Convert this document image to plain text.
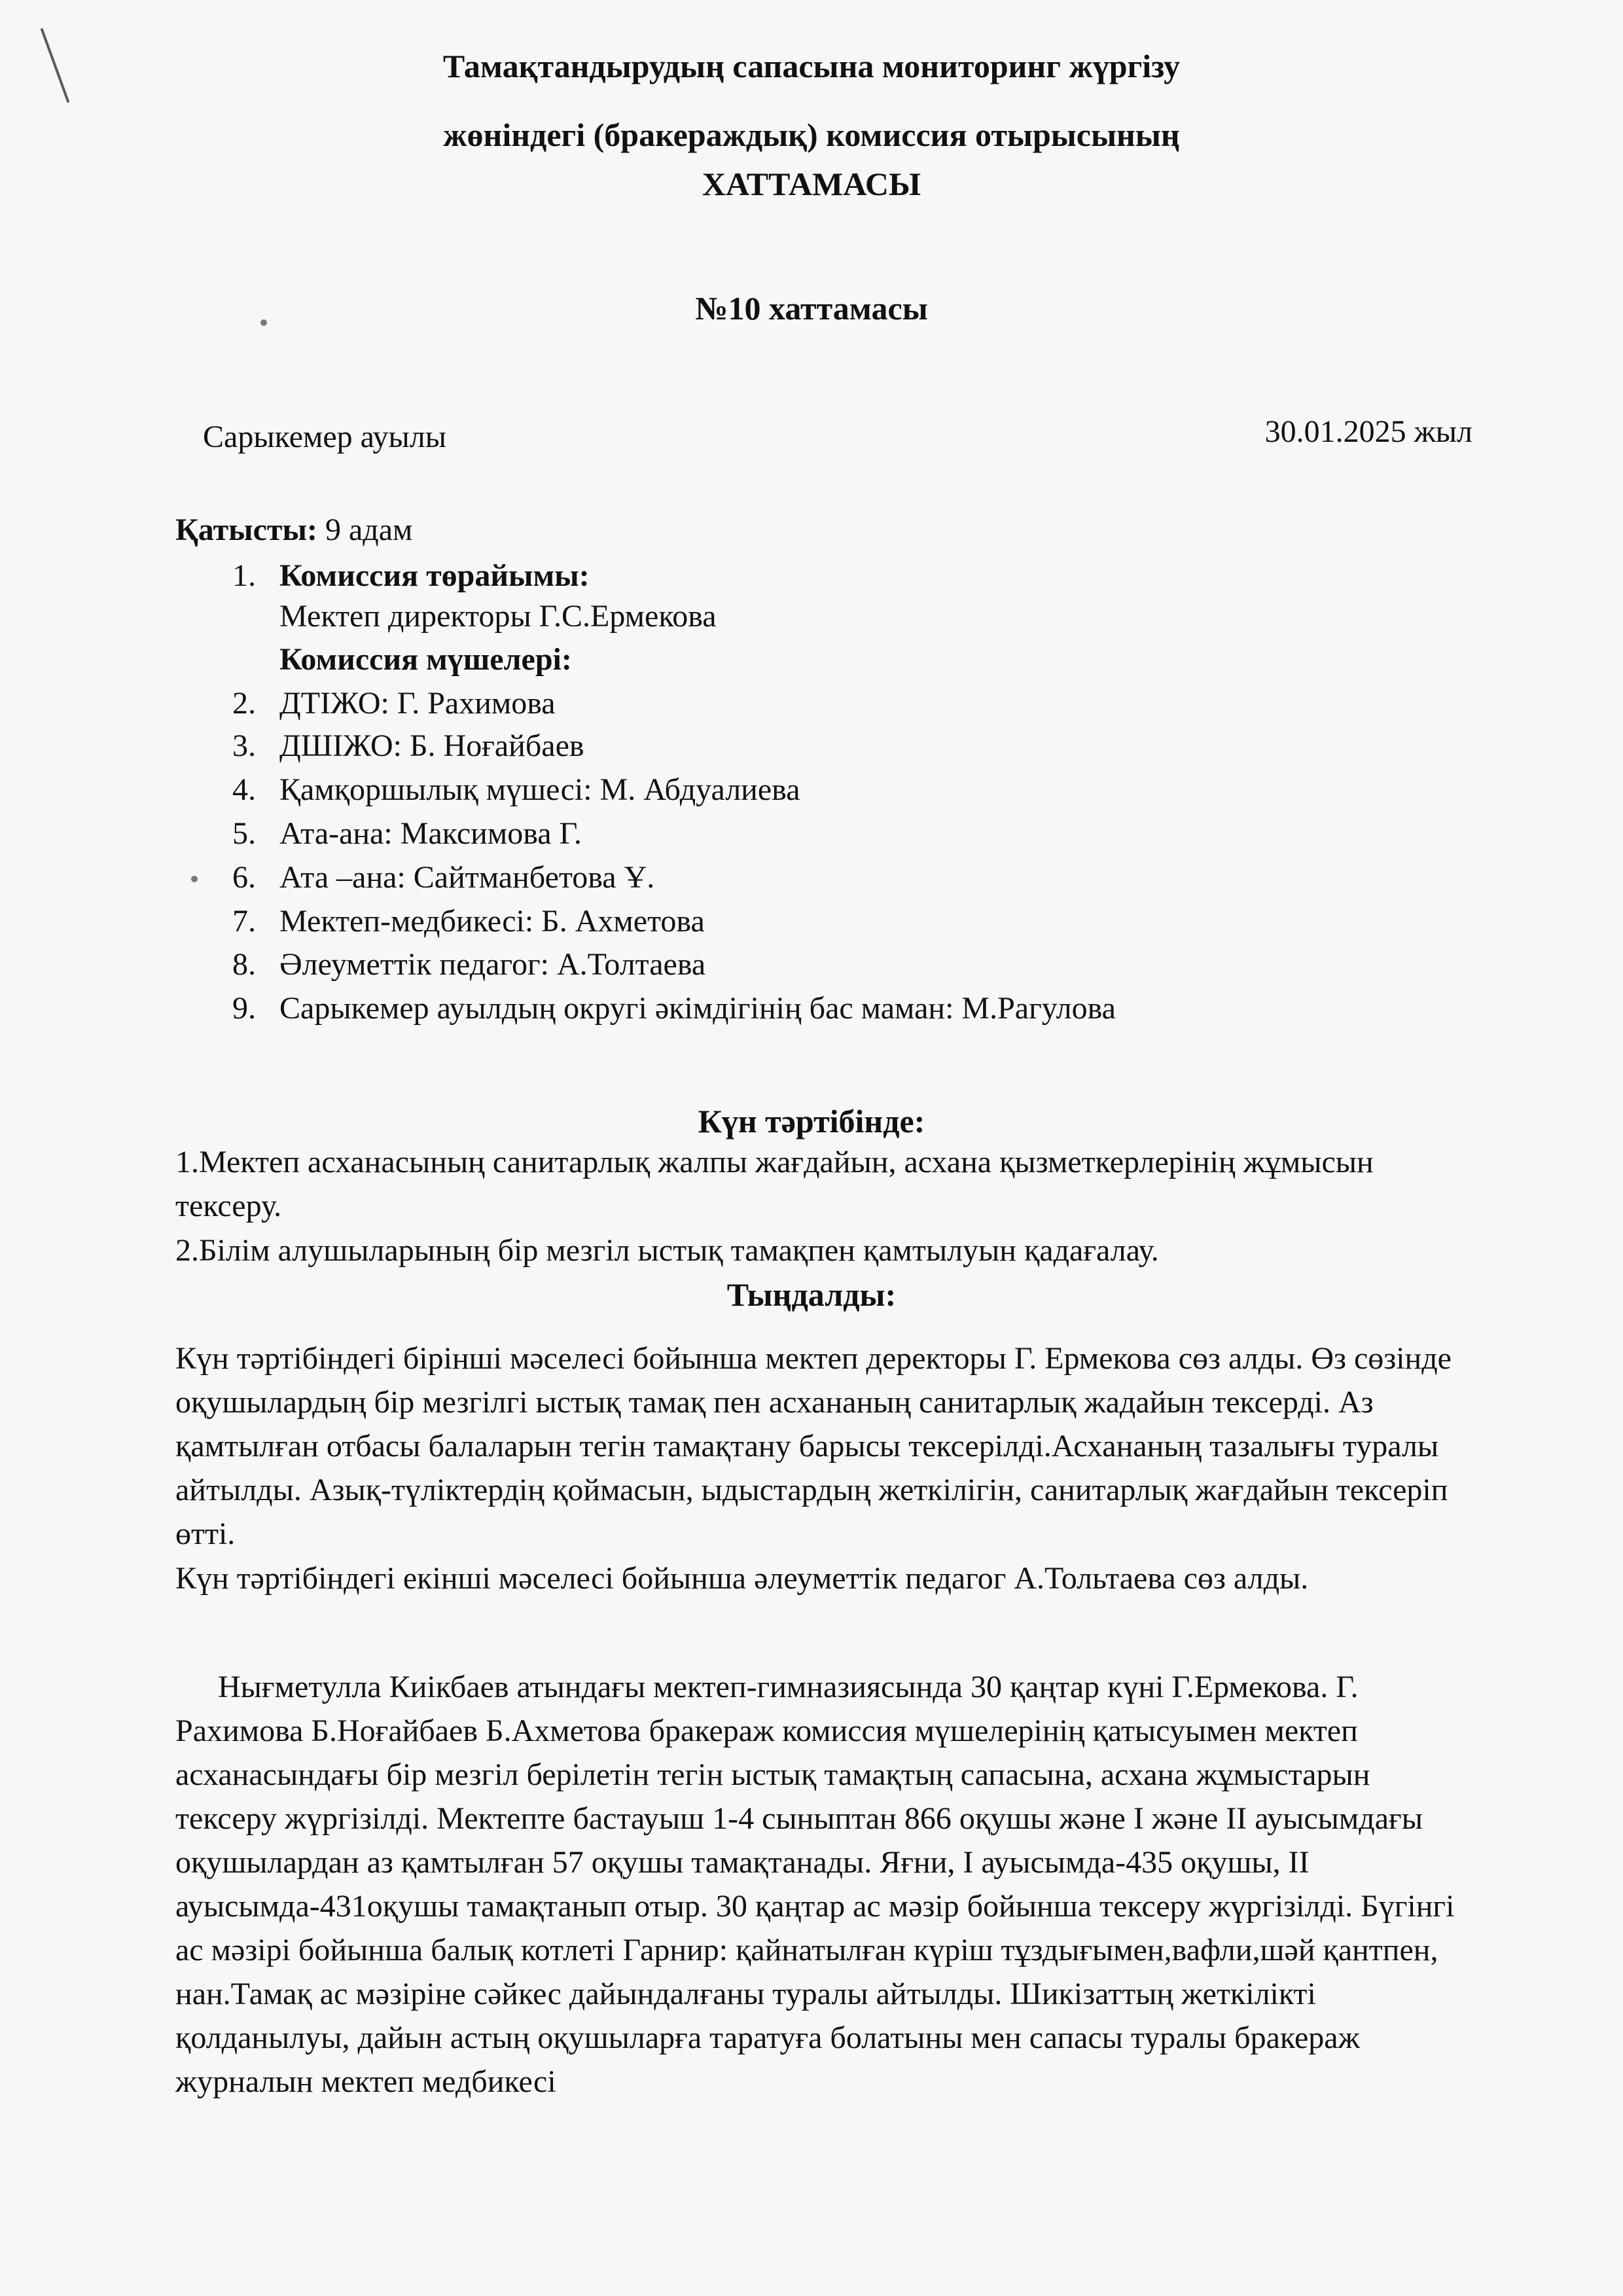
Тамақтандырудың сапасына мониторинг жүргізу
жөніндегі (бракераждық) комиссия отырысының
ХАТТАМАСЫ
№10 хаттамасы
Сарыкемер ауылы	30.01.2025 жыл
Қатысты: 9 адам
1. Комиссия төрайымы:
Мектеп директоры Г.С.Ермекова
Комиссия мүшелері:
2. ДТІЖО: Г. Рахимова
3. ДШІЖО: Б. Ноғайбаев
4. Қамқоршылық мүшесі: М. Абдуалиева
5. Ата-ана: Максимова Г.
6. Ата –ана: Сайтманбетова Ұ.
7. Мектеп-медбикесі: Б. Ахметова
8. Әлеуметтік педагог: А.Толтаева
9. Сарыкемер ауылдың округі әкімдігінің бас маман: М.Рагулова
Күн тәртібінде:
1.Мектеп асханасының санитарлық жалпы жағдайын, асхана қызметкерлерінің жұмысын тексеру.
2.Білім алушыларының бір мезгіл ыстық тамақпен қамтылуын қадағалау.
Тыңдалды:
Күн тәртібіндегі бірінші мәселесі бойынша мектеп деректоры Г. Ермекова сөз алды. Өз сөзінде оқушылардың бір мезгілгі ыстық тамақ пен асхананың санитарлық жадайын тексерді. Аз қамтылған отбасы балаларын тегін тамақтану барысы тексерілді.Асхананың тазалығы туралы айтылды. Азық-түліктердің қоймасын, ыдыстардың жеткілігін, санитарлық жағдайын тексеріп өтті.
Күн тәртібіндегі екінші мәселесі бойынша әлеуметтік педагог А.Тольтаева сөз алды.
Нығметулла Киікбаев атындағы мектеп-гимназиясында 30 қаңтар күні Г.Ермекова. Г. Рахимова Б.Ноғайбаев Б.Ахметова бракераж комиссия мүшелерінің қатысуымен мектеп асханасындағы бір мезгіл берілетін тегін ыстық тамақтың сапасына, асхана жұмыстарын тексеру жүргізілді. Мектепте бастауыш 1-4 сыныптан 866 оқушы және І және ІІ ауысымдағы оқушылардан аз қамтылған 57 оқушы тамақтанады. Яғни, І ауысымда-435 оқушы, ІІ ауысымда-431оқушы тамақтанып отыр. 30 қаңтар ас мәзір бойынша тексеру жүргізілді. Бүгінгі ас мәзірі бойынша балық котлеті Гарнир: қайнатылған күріш тұздығымен,вафли,шәй қантпен, нан.Тамақ ас мәзіріне сәйкес дайындалғаны туралы айтылды. Шикізаттың жеткілікті қолданылуы, дайын астың оқушыларға таратуға болатыны мен сапасы туралы бракераж журналын мектеп медбикесі
